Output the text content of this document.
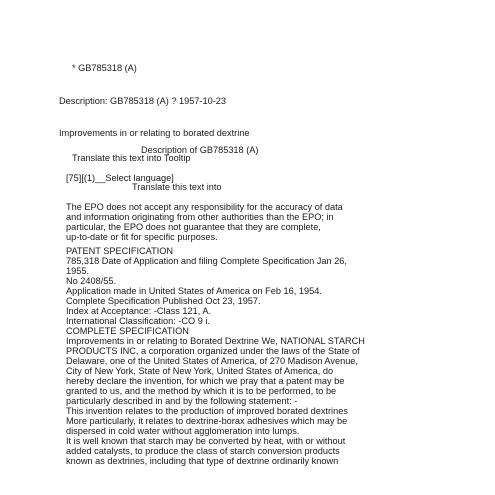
* GB785318 (A)
Description: GB785318 (A) ? 1957-10-23
Improvements in or relating to borated dextrine
Description of GB785318 (A)
Translate this text into Tooltip
[75][(1)__Select language]
Translate this text into
The EPO does not accept any responsibility for the accuracy of data
and information originating from other authorities than the EPO; in
particular, the EPO does not guarantee that they are complete,
up-to-date or fit for specific purposes.
PATENT SPECIFICATION
785,318 Date of Application and filing Complete Specification Jan 26,
1955.
No 2408/55.
Application made in United States of America on Feb 16, 1954.
Complete Specification Published Oct 23, 1957.
Index at Acceptance: -Class 121, A.
International Classification: -CO 9 i.
COMPLETE SPECIFICATION
Improvements in or relating to Borated Dextrine We, NATIONAL STARCH
PRODUCTS INC, a corporation organized under the laws of the State of
Delaware, one of the United States of America, of 270 Madison Avenue,
City of New York, State of New York, United States of America, do
hereby declare the invention, for which we pray that a patent may be
granted to us, and the method by which it is to be performed, to be
particularly described in and by the following statement: -
This invention relates to the production of improved borated dextrines
More particularly, it relates to dextrine-borax adhesives which may be
dispersed in cold water without agglomeration into lumps.
It is well known that starch may be converted by heat, with or without
added catalysts, to produce the class of starch conversion products
known as dextrines, including that type of dextrine ordinarily known
